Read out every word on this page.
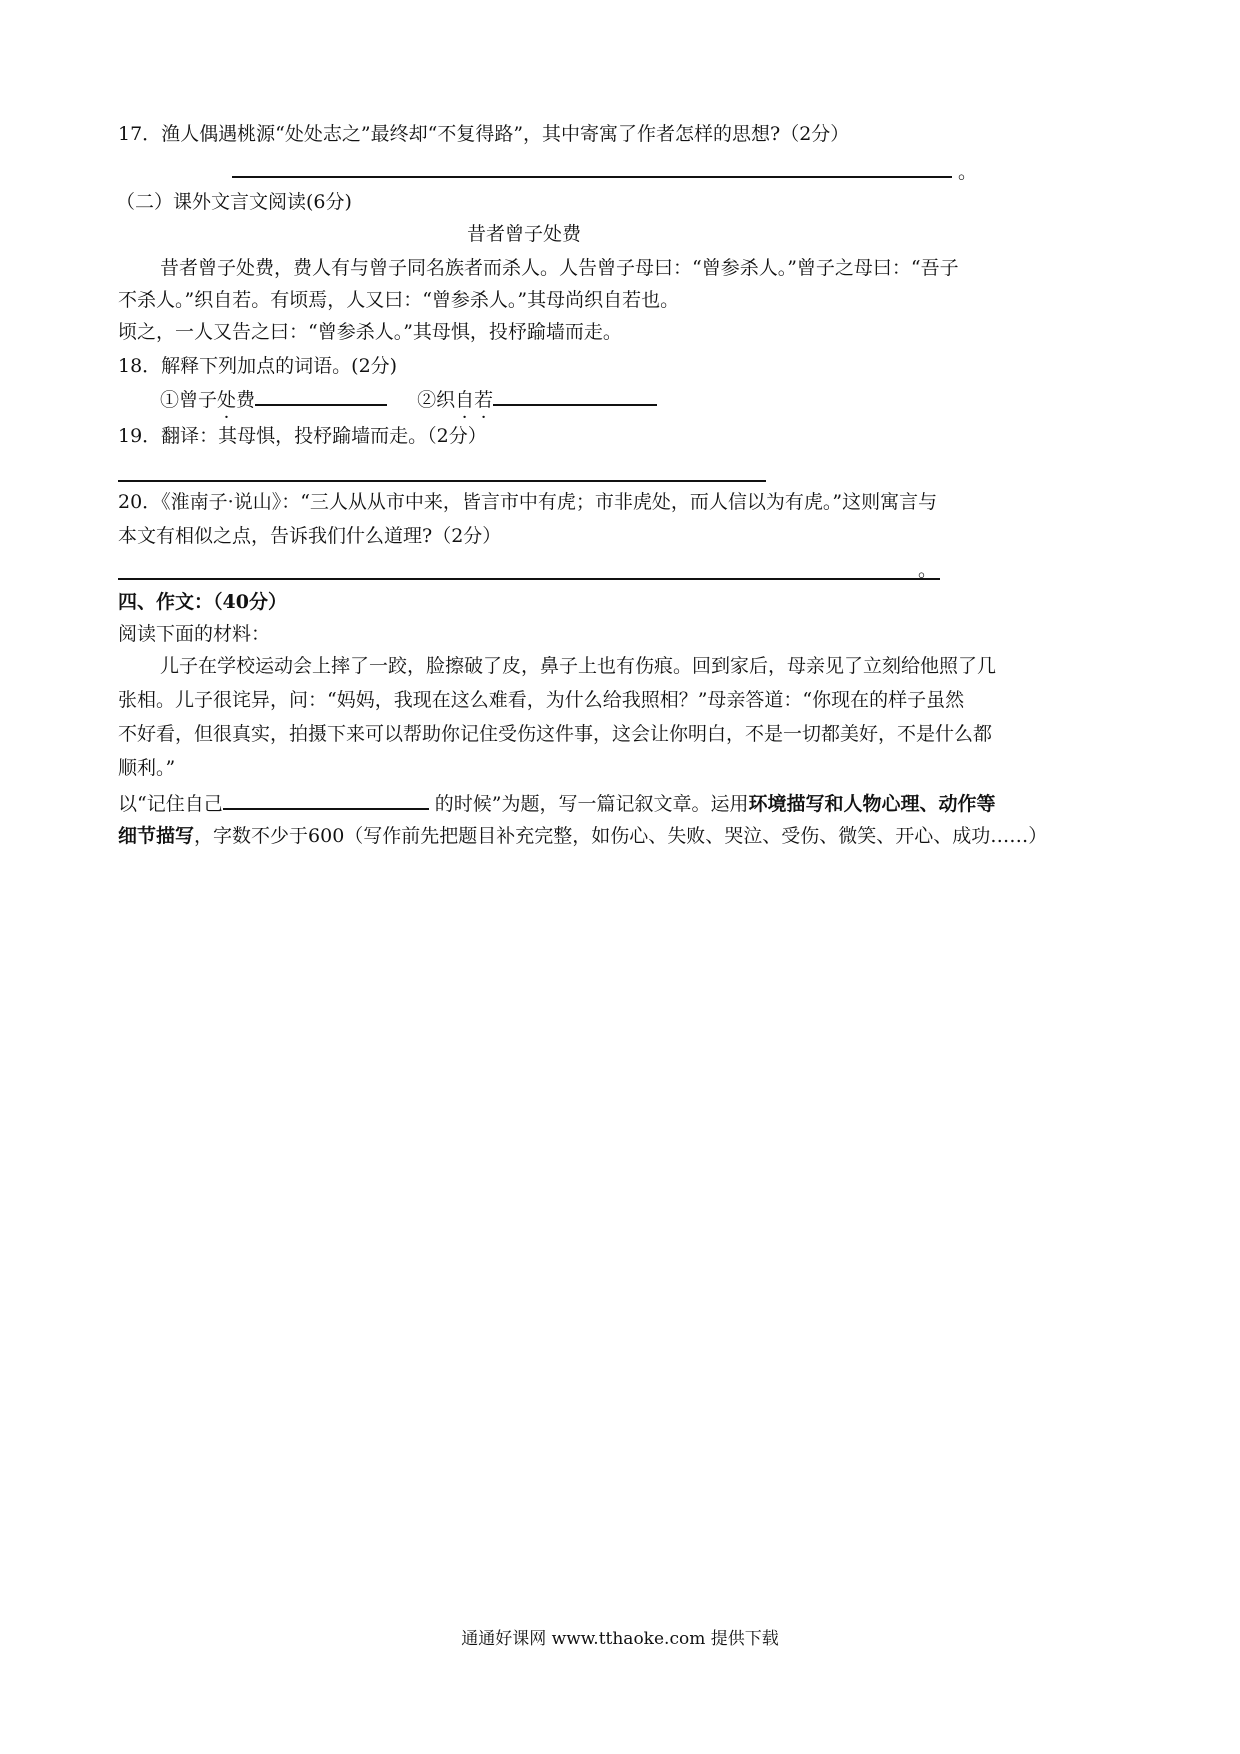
17．渔人偶遇桃源“处处志之”最终却“不复得路”，其中寄寓了作者怎样的思想?（2分）
。
（二）课外文言文阅读(6分)
昔者曾子处费
昔者曾子处费，费人有与曾子同名族者而杀人。人告曾子母曰：“曾参杀人。”曾子之母曰：“吾子
不杀人。”织自若。有顷焉，人又曰：“曾参杀人。”其母尚织自若也。
顷之，一人又告之曰：“曾参杀人。”其母惧，投杼踰墙而走。
18．解释下列加点的词语。(2分)
①曾子处费	②织自若
19．翻译：其母惧，投杼踰墙而走。（2分）
20．《淮南子·说山》：“三人从从市中来，皆言市中有虎；市非虎处，而人信以为有虎。”这则寓言与
本文有相似之点，告诉我们什么道理?（2分）
。
四、作文：（40分）
阅读下面的材料：
儿子在学校运动会上摔了一跤，脸擦破了皮，鼻子上也有伤痕。回到家后，母亲见了立刻给他照了几
张相。儿子很诧异，问：“妈妈，我现在这么难看，为什么给我照相？”母亲答道：“你现在的样子虽然
不好看，但很真实，拍摄下来可以帮助你记住受伤这件事，这会让你明白，不是一切都美好，不是什么都
顺利。”
以“记住自己	的时候”为题，写一篇记叙文章。运用环境描写和人物心理、动作等
细节描写，字数不少于600（写作前先把题目补充完整，如伤心、失败、哭泣、受伤、微笑、开心、成功……）
通通好课网 www.tthaoke.com 提供下载
